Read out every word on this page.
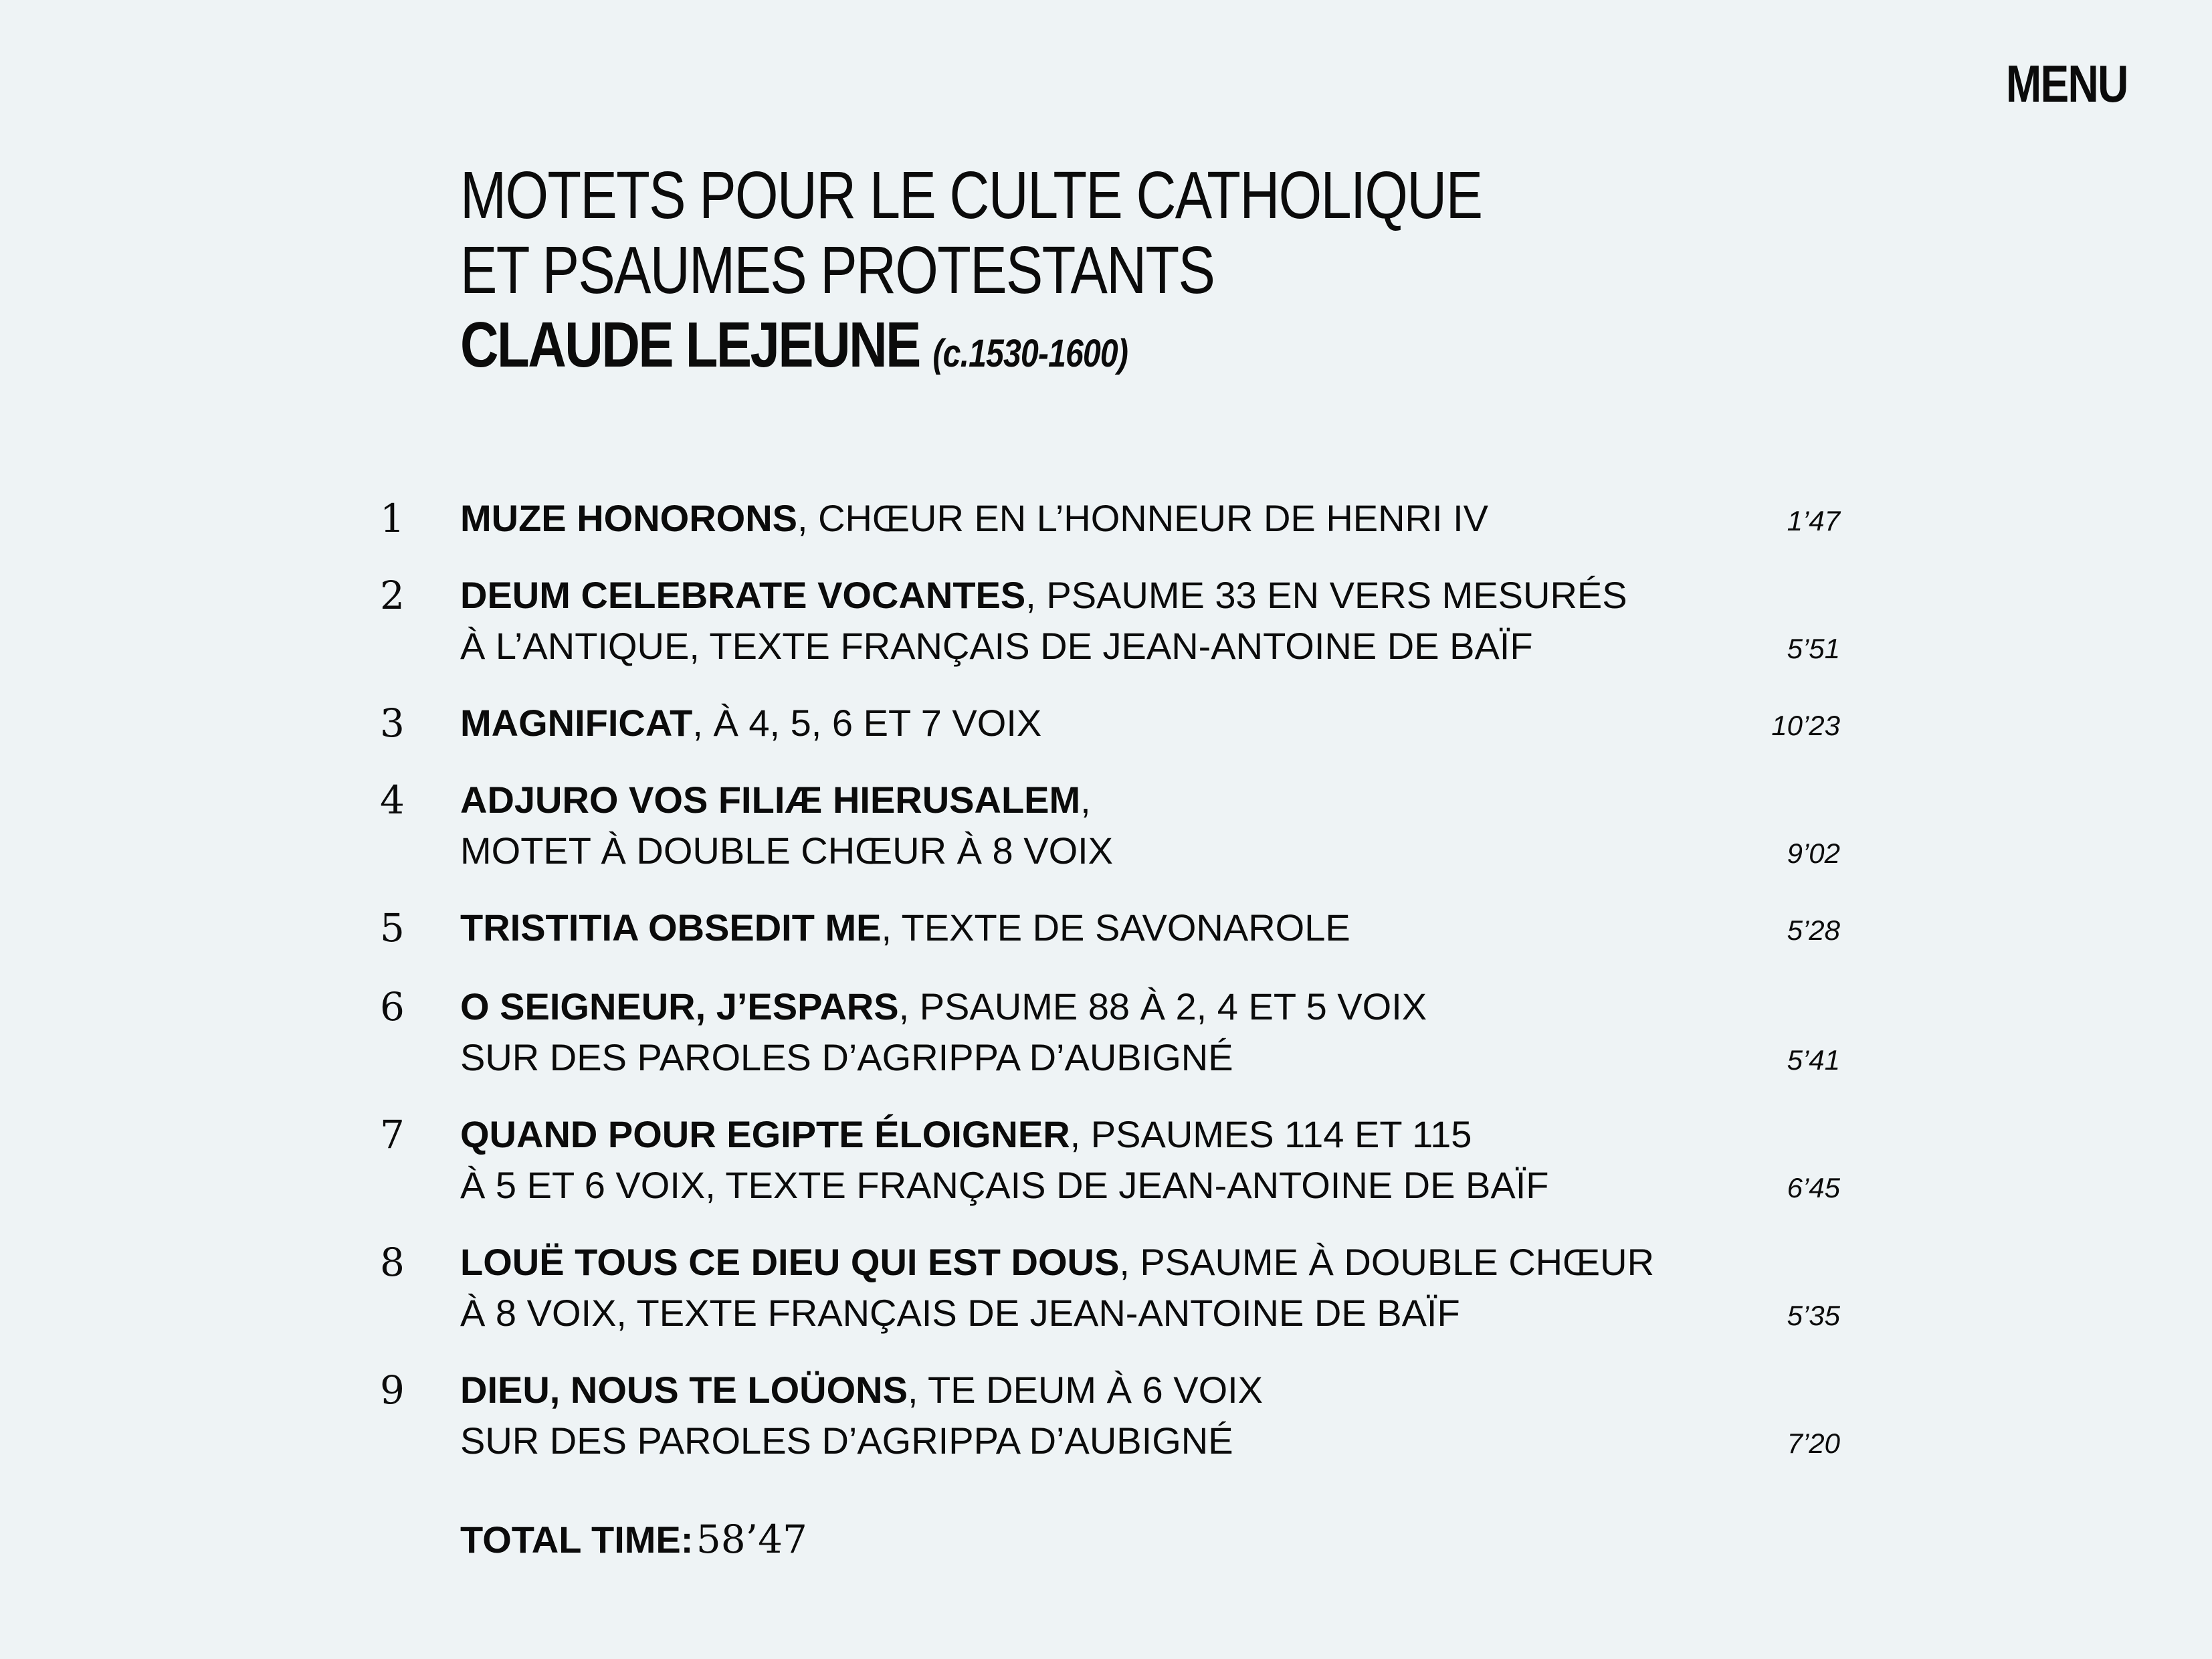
MENU
MOTETS POUR LE CULTE CATHOLIQUE
ET PSAUMES PROTESTANTS
CLAUDE LEJEUNE (c.1530-1600)
1 MUZE HONORONS, CHŒUR EN L’HONNEUR DE HENRI IV	1’47
2 DEUM CELEBRATE VOCANTES, PSAUME 33 EN VERS MESURÉS
À L’ANTIQUE, TEXTE FRANÇAIS DE JEAN-ANTOINE DE BAÏF	5’51
3 MAGNIFICAT, À 4, 5, 6 ET 7 VOIX	10’23
4 ADJURO VOS FILIÆ HIERUSALEM,
MOTET À DOUBLE CHŒUR À 8 VOIX	9’02
5 TRISTITIA OBSEDIT ME, TEXTE DE SAVONAROLE	5’28
6 O SEIGNEUR, J’ESPARS, PSAUME 88 À 2, 4 ET 5 VOIX
SUR DES PAROLES D’AGRIPPA D’AUBIGNÉ	5’41
7 QUAND POUR EGIPTE ÉLOIGNER, PSAUMES 114 ET 115
À 5 ET 6 VOIX, TEXTE FRANÇAIS DE JEAN-ANTOINE DE BAÏF	6’45
8 LOUË TOUS CE DIEU QUI EST DOUS, PSAUME À DOUBLE CHŒUR
À 8 VOIX, TEXTE FRANÇAIS DE JEAN-ANTOINE DE BAÏF	5’35
9 DIEU, NOUS TE LOÜONS, TE DEUM À 6 VOIX
SUR DES PAROLES D’AGRIPPA D’AUBIGNÉ	7’20
TOTAL TIME: 58’47
